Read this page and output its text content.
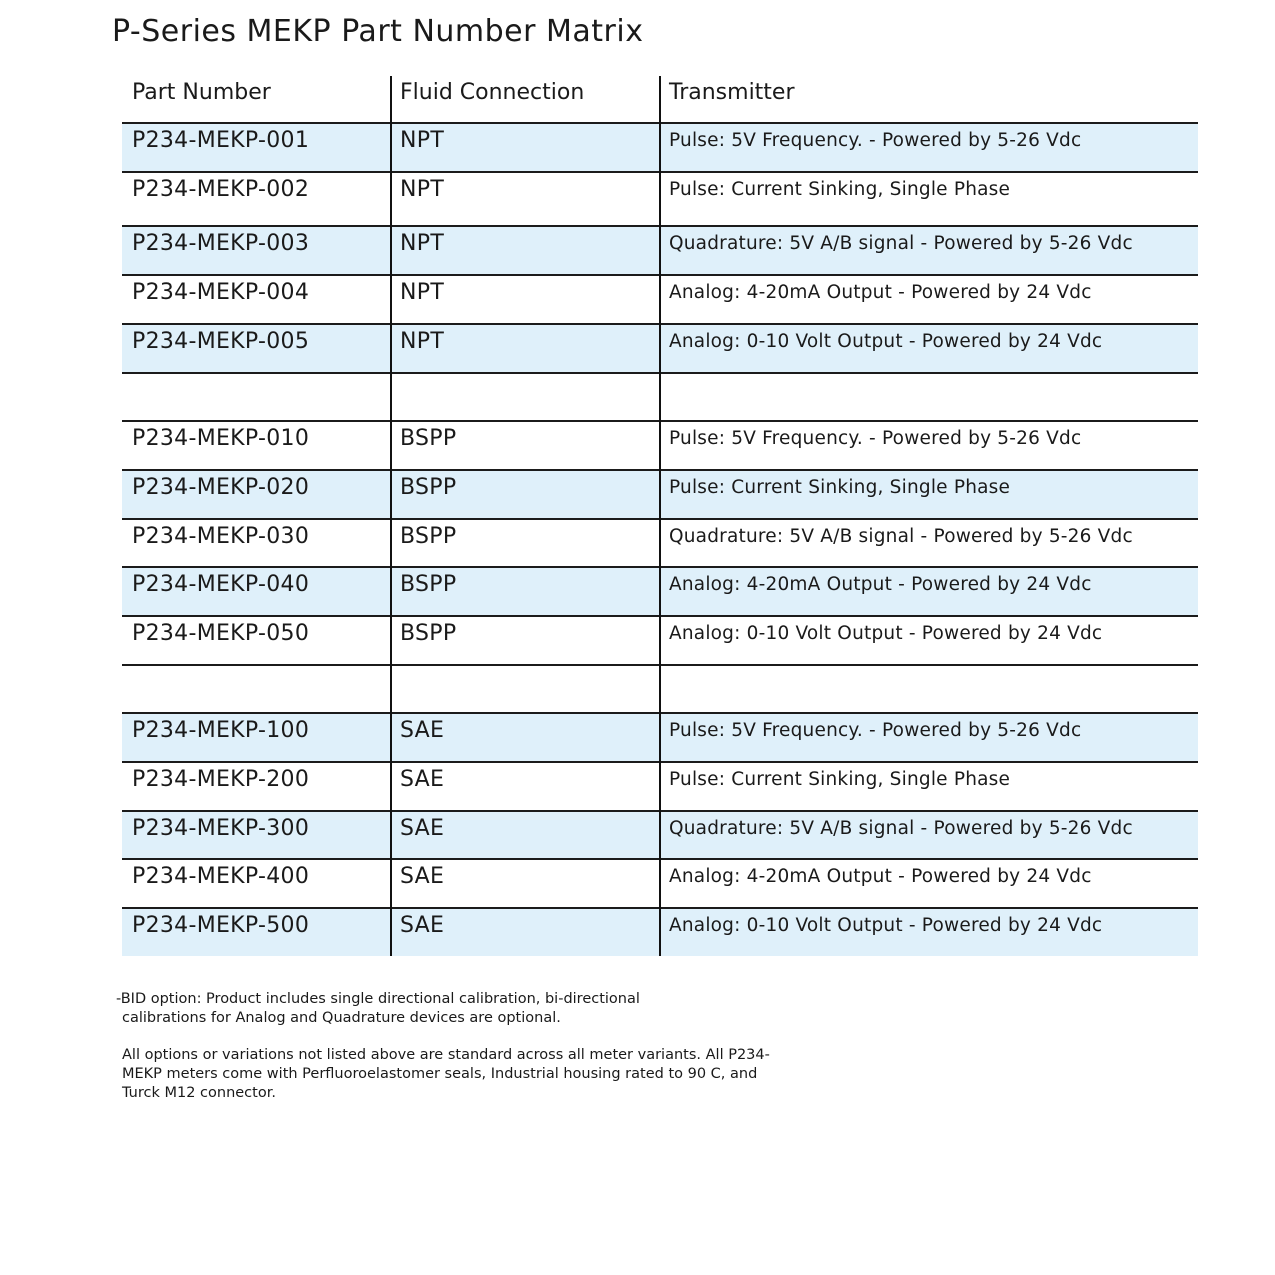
P-Series MEKP Part Number Matrix
Part Number	Fluid Connection	Transmitter
P234-MEKP-001	NPT	Pulse: 5V Frequency. - Powered by 5-26 Vdc
P234-MEKP-002	NPT	Pulse: Current Sinking, Single Phase
P234-MEKP-003	NPT	Quadrature: 5V A/B signal - Powered by 5-26 Vdc
P234-MEKP-004	NPT	Analog: 4-20mA Output - Powered by 24 Vdc
P234-MEKP-005	NPT	Analog: 0-10 Volt Output - Powered by 24 Vdc
P234-MEKP-010	BSPP	Pulse: 5V Frequency. - Powered by 5-26 Vdc
P234-MEKP-020	BSPP	Pulse: Current Sinking, Single Phase
P234-MEKP-030	BSPP	Quadrature: 5V A/B signal - Powered by 5-26 Vdc
P234-MEKP-040	BSPP	Analog: 4-20mA Output - Powered by 24 Vdc
P234-MEKP-050	BSPP	Analog: 0-10 Volt Output - Powered by 24 Vdc
P234-MEKP-100	SAE	Pulse: 5V Frequency. - Powered by 5-26 Vdc
P234-MEKP-200	SAE	Pulse: Current Sinking, Single Phase
P234-MEKP-300	SAE	Quadrature: 5V A/B signal - Powered by 5-26 Vdc
P234-MEKP-400	SAE	Analog: 4-20mA Output - Powered by 24 Vdc
P234-MEKP-500	SAE	Analog: 0-10 Volt Output - Powered by 24 Vdc

-BID option: Product includes single directional calibration, bi-directional
calibrations for Analog and Quadrature devices are optional.

All options or variations not listed above are standard across all meter variants. All P234-
MEKP meters come with Perfluoroelastomer seals, Industrial housing rated to 90 C, and
Turck M12 connector.
